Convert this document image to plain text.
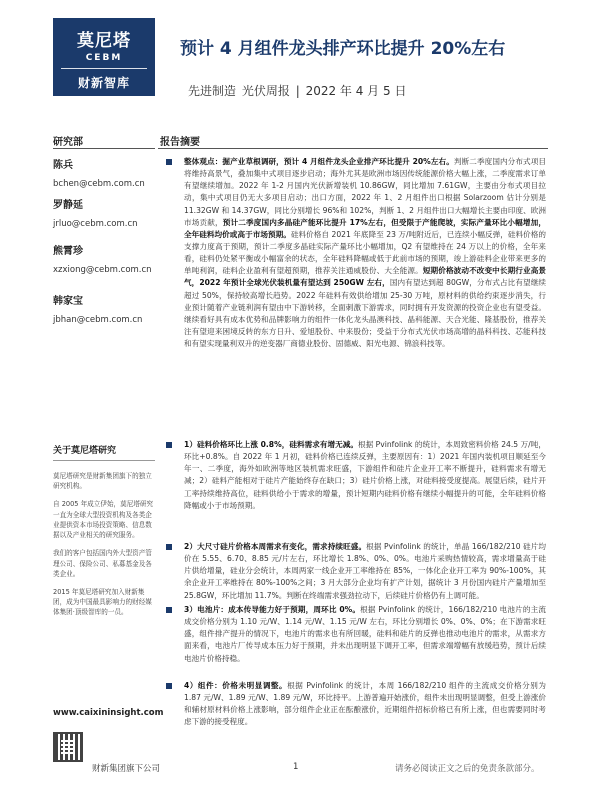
莫尼塔
CEBM
财新智库
预计 4 月组件龙头排产环比提升 20%左右
先进制造 光伏周报 | 2022 年 4 月 5 日
研究部	报告摘要
陈兵
bchen@cebm.com.cn
罗静延
jrluo@cebm.com.cn
熊霄珍
xzxiong@cebm.com.cn
韩家宝
jbhan@cebm.com.cn
关于莫尼塔研究

莫尼塔研究是财新集团旗下的独立研究机构。

自 2005 年成立伊始，莫尼塔研究一直为全球大型投资机构及各类企业提供资本市场投资策略、信息数据以及产业相关的研究服务。

我们的客户包括国内外大型资产管理公司、保险公司、私募基金及各类企业。

2015 年莫尼塔研究加入财新集团，成为中国最具影响力的财经媒体集团·顶级智库的一员。

www.caixininsight.com
财新集团旗下公司	1	请务必阅读正文之后的免责条款部分。
整体观点：掘产业草根调研，预计 4 月组件龙头企业排产环比提升 20%左右。判断二季度国内分布式项目将维持高景气，叠加集中式项目逐步启动；海外尤其是欧洲市场因传统能源价格大幅上涨，二季度需求订单有望继续增加。2022 年 1-2 月国内光伏新增装机 10.86GW，同比增加 7.61GW，主要由分布式项目拉动，集中式项目仍无大多项目启动；出口方面，2022 年 1、2 月组件出口根据 Solarzoom 估计分别是 11.32GW 和 14.37GW，同比分别增长 96%和 102%，判断 1、2 月组件出口大幅增长主要由印度、欧洲市场贡献，预计二季度国内多晶硅产能环比提升 17%左右，但受限于产能爬坡，实际产量环比小幅增加，全年硅料均价或高于市场预期。硅料价格自 2021 年底降至 23 万/吨附近后，已连续小幅反弹，硅料价格的支撑力度高于预期，预计二季度多晶硅实际产量环比小幅增加，Q2 有望维持在 24 万以上的价格，全年来看，硅料仍处紧平衡或小幅富余的状态，全年硅料降幅或低于此前市场的预期，竣上游硅料企业带来更多的单吨利润，硅料企业盈利有望超预期，推荐关注通威股份、大全能源。短期价格波动不改变中长期行业高景气，2022 年预计全球光伏装机量有望达到 250GW 左右，国内有望达到超 80GW，分布式占比有望继续超过 50%，保持较高增长趋势。2022 年硅料有效供给增加 25-30 万吨，原材料的供给约束逐步消失，行业预计随着产业链利润有望由中下游转移，全面刺激下游需求，同时拥有开发资源的投资企业也有望受益。继续看好具有成本优势和品牌影响力的组件一体化龙头晶澳科技、晶科能源、天合光能、隆基股份，推荐关注有望迎来困境反转的东方日升、爱旭股份、中来股份；受益于分布式光伏市场高增的晶科科技、芯能科技和有望实现量利双升的逆变器厂商德业股份、固德威、阳光电源、锦浪科技等。
1）硅料价格环比上涨 0.8%，硅料需求有增无减。根据 Pvinfolink 的统计，本周致密料价格 24.5 万/吨，环比+0.8%。自 2022 年 1 月初，硅料价格已连续反弹，主要原因有：1）2021 年国内装机项目顺延至今年一、二季度，海外如欧洲等地区装机需求旺盛，下游组件和硅片企业开工率不断提升，硅料需求有增无减；2）硅料产能相对于硅片产能始终存在缺口；3）硅片价格上涨，对硅料接受度提高。展望后续，硅片开工率持续维持高位，硅料供给小于需求的增量，预计短期内硅料价格有继续小幅提升的可能，全年硅料价格降幅或小于市场预期。
2）大尺寸硅片价格本周需求有变化，需求持续旺盛。根据 Pvinfolink 的统计，单晶 166/182/210 硅片均价在 5.55、6.70、8.85 元/片左右，环比增长 1.8%、0%、0%。电池片采购热情较高，需求增量高于硅片供给增量，硅业分会统计，本周两家一线企业开工率维持在 85%，一体化企业开工率为 90%-100%，其余企业开工率维持在 80%-100%之间；3 月大部分企业均有扩产计划，据统计 3 月份国内硅片产量增加至 25.8GW，环比增加 11.7%。判断在终端需求强劲拉动下，后续硅片价格仍有上调可能。
3）电池片：成本传导能力好于预期，周环比 0%。根据 Pvinfolink 的统计，166/182/210 电池片的主流成交价格分别为 1.10 元/W、1.14 元/W、1.15 元/W 左右，环比分别增长 0%、0%、0%；在下游需求旺盛，组件排产提升的情况下，电池片的需求也有所回暖，硅料和硅片的反弹也推动电池片的需求，从需求方面来看，电池片厂传导成本压力好于预期，并未出现明显下调开工率，但需求端增幅有放缓趋势，预计后续电池片价格持稳。
4）组件：价格未明显调整。根据 Pvinfolink 的统计，本周 166/182/210 组件的主流成交价格分别为 1.87 元/W、1.89 元/W、1.89 元/W，环比持平。上游普遍开始涨价，组件未出现明显调整，但受上游涨价和辅材原材料价格上涨影响，部分组件企业正在酝酿涨价，近期组件招标价格已有所上涨，但也需要同时考虑下游的接受程度。
